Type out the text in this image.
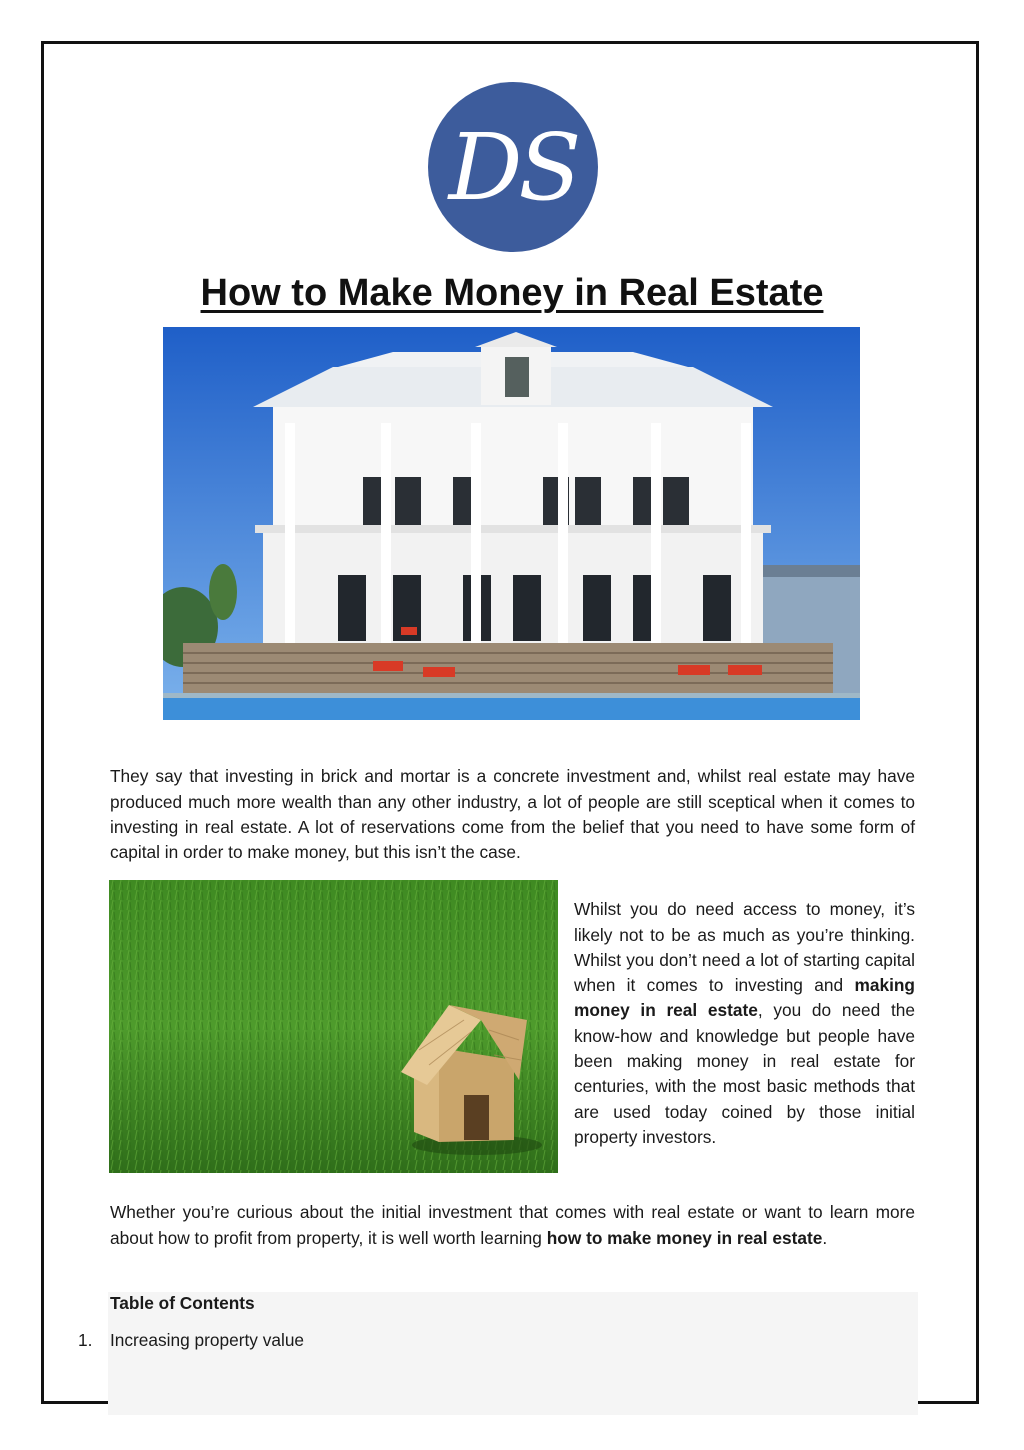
DS
How to Make Money in Real Estate

They say that investing in brick and mortar is a concrete investment and, whilst real estate may have produced much more wealth than any other industry, a lot of people are still sceptical when it comes to investing in real estate. A lot of reservations come from the belief that you need to have some form of capital in order to make money, but this isn’t the case.

Whilst you do need access to money, it’s likely not to be as much as you’re thinking. Whilst you don’t need a lot of starting capital when it comes to investing and making money in real estate, you do need the know-how and knowledge but people have been making money in real estate for centuries, with the most basic methods that are used today coined by those initial property investors.

Whether you’re curious about the initial investment that comes with real estate or want to learn more about how to profit from property, it is well worth learning how to make money in real estate.

Table of Contents
1. Increasing property value
